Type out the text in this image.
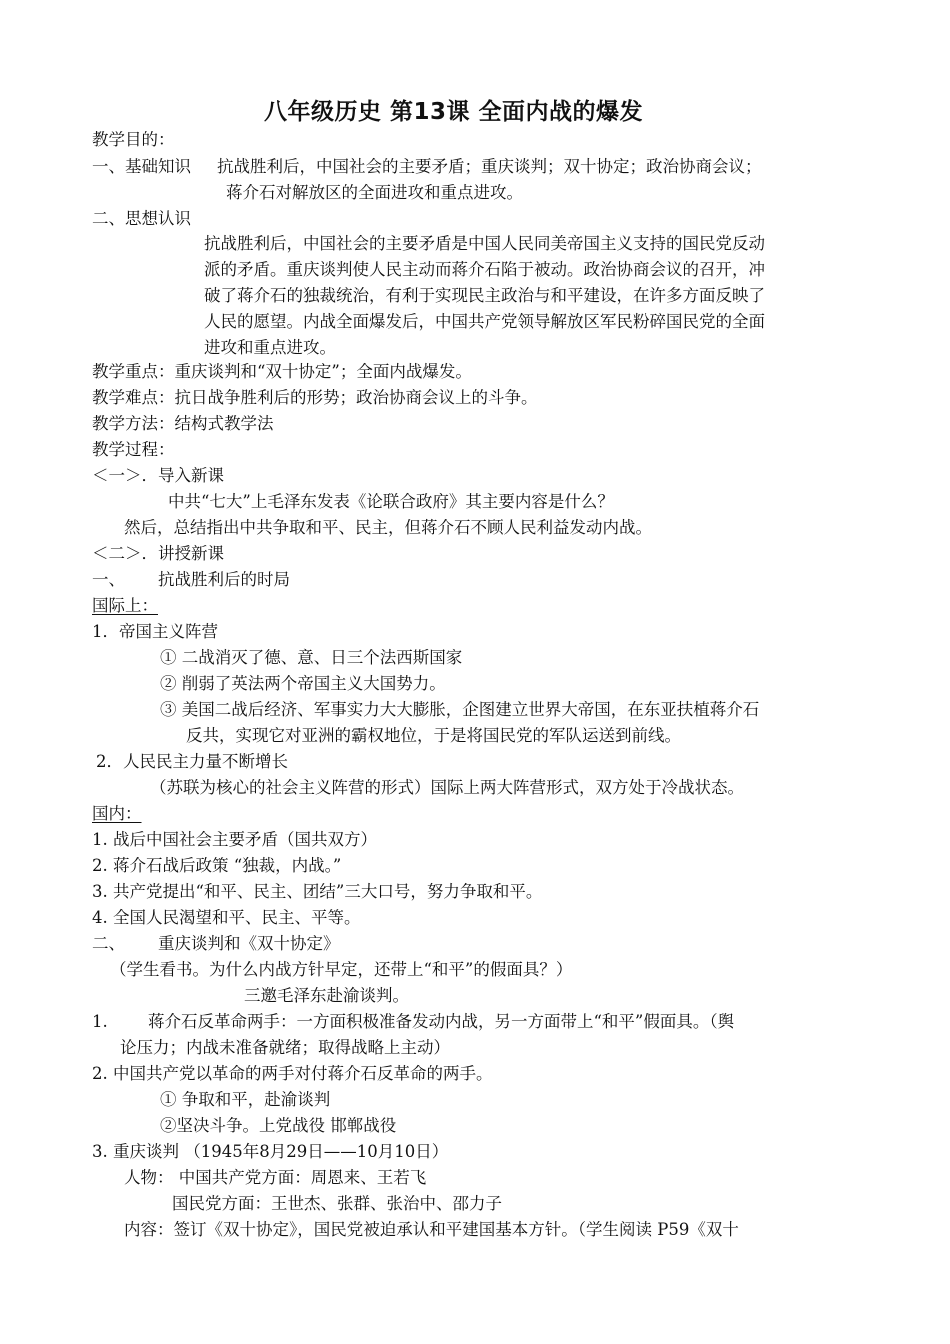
八年级历史 第13课 全面内战的爆发
教学目的：
一、基础知识 抗战胜利后，中国社会的主要矛盾；重庆谈判；双十协定；政治协商会议；
蒋介石对解放区的全面进攻和重点进攻。
二、思想认识
抗战胜利后，中国社会的主要矛盾是中国人民同美帝国主义支持的国民党反动
派的矛盾。重庆谈判使人民主动而蒋介石陷于被动。政治协商会议的召开，冲
破了蒋介石的独裁统治，有利于实现民主政治与和平建设，在许多方面反映了
人民的愿望。内战全面爆发后，中国共产党领导解放区军民粉碎国民党的全面
进攻和重点进攻。
教学重点：重庆谈判和“双十协定”；全面内战爆发。
教学难点：抗日战争胜利后的形势；政治协商会议上的斗争。
教学方法：结构式教学法
教学过程：
＜一＞．导入新课
中共“七大”上毛泽东发表《论联合政府》其主要内容是什么？
然后，总结指出中共争取和平、民主，但蒋介石不顾人民利益发动内战。
＜二＞．讲授新课
一、 抗战胜利后的时局
国际上：
1．帝国主义阵营
① 二战消灭了德、意、日三个法西斯国家
② 削弱了英法两个帝国主义大国势力。
③ 美国二战后经济、军事实力大大膨胀，企图建立世界大帝国，在东亚扶植蒋介石
反共，实现它对亚洲的霸权地位，于是将国民党的军队运送到前线。
2．人民民主力量不断增长
（苏联为核心的社会主义阵营的形式）国际上两大阵营形式，双方处于冷战状态。
国内：
1. 战后中国社会主要矛盾（国共双方）
2. 蒋介石战后政策 “独裁，内战。”
3. 共产党提出“和平、民主、团结”三大口号，努力争取和平。
4. 全国人民渴望和平、民主、平等。
二、 重庆谈判和《双十协定》
（学生看书。为什么内战方针早定，还带上“和平”的假面具？）
三邀毛泽东赴渝谈判。
1. 蒋介石反革命两手：一方面积极准备发动内战，另一方面带上“和平”假面具。（舆
论压力；内战未准备就绪；取得战略上主动）
2. 中国共产党以革命的两手对付蒋介石反革命的两手。
① 争取和平，赴渝谈判
②坚决斗争。上党战役 邯郸战役
3. 重庆谈判 （1945年8月29日——10月10日）
人物： 中国共产党方面：周恩来、王若飞
国民党方面：王世杰、张群、张治中、邵力子
内容：签订《双十协定》，国民党被迫承认和平建国基本方针。（学生阅读 P59《双十
